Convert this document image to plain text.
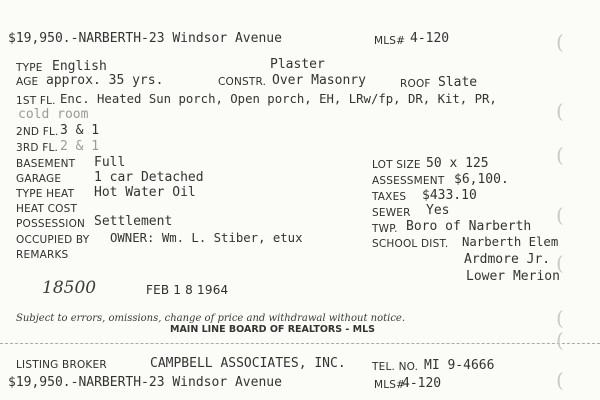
$19,950.-NARBERTH-23 Windsor Avenue	MLS# 4-120
Plaster
TYPE English
AGE approx. 35 yrs.	CONSTR. Over Masonry	ROOF Slate
1ST FL. Enc. Heated Sun porch, Open porch, EH, LRw/fp, DR, Kit, PR,
cold room
2ND FL. 3 & 1
3RD FL. 2 & 1
BASEMENT Full
GARAGE	1 car Detached
TYPE HEAT Hot Water Oil
HEAT COST
POSSESSION Settlement
OCCUPIED BY OWNER: Wm. L. Stiber, etux
REMARKS
LOT SIZE 50 x 125
ASSESSMENT $6,100.
TAXES $433.10
SEWER Yes
TWP. Boro of Narberth
SCHOOL DIST. Narberth Elem
Ardmore Jr.
Lower Merion
18500	FEB 1 8 1964
Subject to errors, omissions, change of price and withdrawal without notice.
MAIN LINE BOARD OF REALTORS - MLS
LISTING BROKER	CAMPBELL ASSOCIATES, INC.	TEL. NO. MI 9-4666
$19,950.-NARBERTH-23 Windsor Avenue	MLS#
4-120
(
(
(
(
(
(
(
(
